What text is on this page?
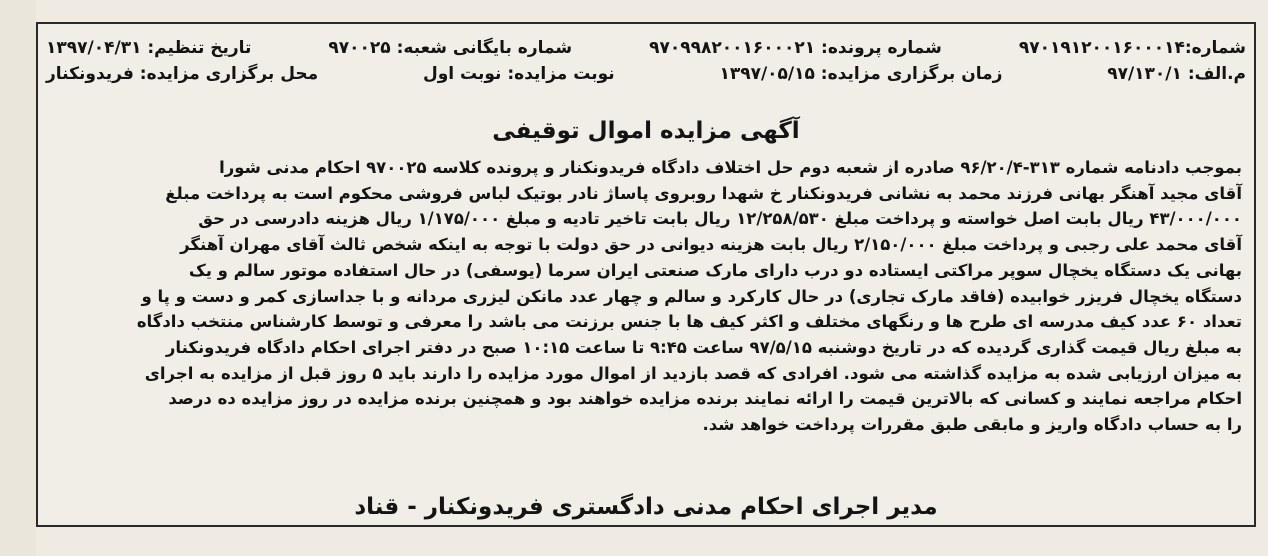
شماره:۹۷۰۱۹۱۲۰۰۱۶۰۰۰۱۴
شماره پرونده: ۹۷۰۹۹۸۲۰۰۱۶۰۰۰۲۱
شماره بایگانی شعبه: ۹۷۰۰۲۵
تاریخ تنظیم: ۱۳۹۷/۰۴/۳۱
م.الف: ۹۷/۱۳۰/۱
زمان برگزاری مزایده: ۱۳۹۷/۰۵/۱۵
نوبت مزایده: نوبت اول
محل برگزاری مزایده: فریدونکنار
آگهی مزایده اموال توقیفی

بموجب دادنامه شماره ۳۱۳-۹۶/۲۰/۴ صادره از شعبه دوم حل اختلاف دادگاه فریدونکنار و پرونده کلاسه ۹۷۰۰۲۵ احکام مدنی شورا

آقای مجید آهنگر بهانی فرزند محمد به نشانی فریدونکنار خ شهدا روبروی پاساژ نادر بوتیک لباس فروشی محکوم است به پرداخت مبلغ

۴۳/۰۰۰/۰۰۰ ریال بابت اصل خواسته و پرداخت مبلغ ۱۲/۲۵۸/۵۳۰ ریال بابت تاخیر تادیه و مبلغ ۱/۱۷۵/۰۰۰ ریال هزینه دادرسی در حق

آقای محمد علی رجبی و پرداخت مبلغ ۲/۱۵۰/۰۰۰ ریال بابت هزینه دیوانی در حق دولت با توجه به اینکه شخص ثالث آقای مهران آهنگر

بهانی یک دستگاه یخچال سوپر مراکتی ایستاده دو درب دارای مارک صنعتی ایران سرما (یوسفی) در حال استفاده موتور سالم و یک

دستگاه یخچال فریزر خوابیده (فاقد مارک تجاری) در حال کارکرد و سالم و چهار عدد مانکن لیزری مردانه و با جداسازی کمر و دست و پا و

تعداد ۶۰ عدد کیف مدرسه ای طرح ها و رنگهای مختلف و اکثر کیف ها با جنس برزنت می باشد را معرفی و توسط کارشناس منتخب دادگاه

به مبلغ ریال قیمت گذاری گردیده که در تاریخ دوشنبه ۹۷/۵/۱۵ ساعت ۹:۴۵ تا ساعت ۱۰:۱۵ صبح در دفتر اجرای احکام دادگاه فریدونکنار

به میزان ارزیابی شده به مزایده گذاشته می شود. افرادی که قصد بازدید از اموال مورد مزایده را دارند باید ۵ روز قبل از مزایده به اجرای

احکام مراجعه نمایند و کسانی که بالاترین قیمت را ارائه نمایند برنده مزایده خواهند بود و همچنین برنده مزایده در روز مزایده ده درصد

را به حساب دادگاه واریز و مابقی طبق مقررات پرداخت خواهد شد.

مدیر اجرای احکام مدنی دادگستری فریدونکنار - قناد
